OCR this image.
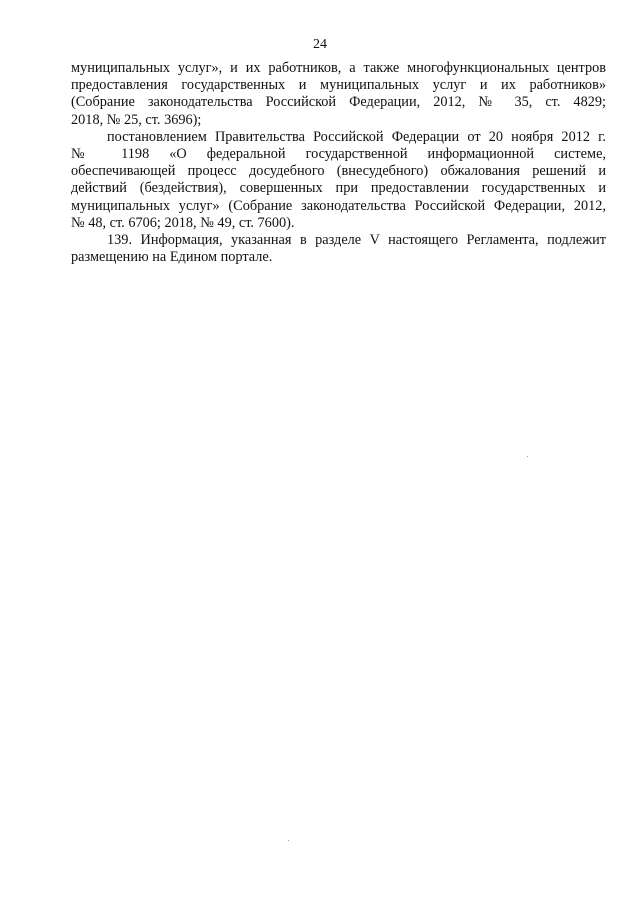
24

муниципальных услуг», и их работников, а также многофункциональных центров
предоставления государственных и муниципальных услуг и их работников»
(Собрание законодательства Российской Федерации, 2012, № 35, ст. 4829;
2018, № 25, ст. 3696);

постановлением Правительства Российской Федерации от 20 ноября 2012 г.
№ 1198 «О федеральной государственной информационной системе,
обеспечивающей процесс досудебного (внесудебного) обжалования решений и
действий (бездействия), совершенных при предоставлении государственных и
муниципальных услуг» (Собрание законодательства Российской Федерации, 2012,
№ 48, ст. 6706; 2018, № 49, ст. 7600).

139. Информация, указанная в разделе V настоящего Регламента, подлежит
размещению на Едином портале.
